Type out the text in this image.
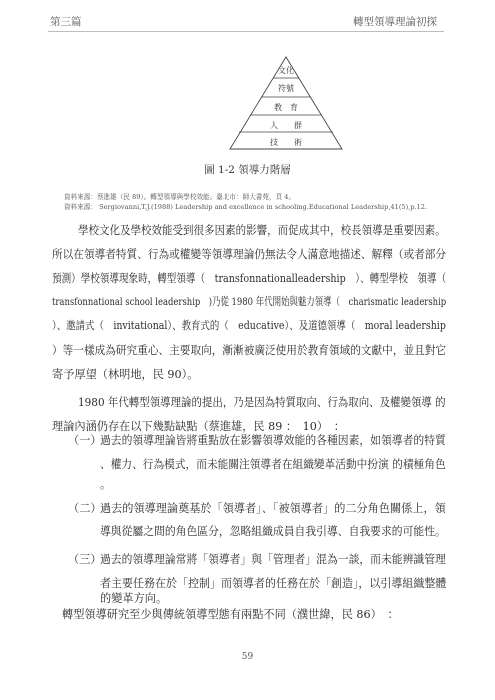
第三篇	轉型領導理論初探
文化
符號
教　育
人　　群
技　　術
圖 1-2 領導力階層
資料來源：蔡進雄（民 89）。轉型領導與學校效能。臺北市：師大書苑，頁 4。
資料來源： Sergiovanni,T.J.(1988) Leadership and excellence in schooling.Educational Leadership,41(5),p.12.
學校文化及學校效能受到很多因素的影響，而促成其中，校長領導是重要因素。
所以在領導者特質、行為或權變等領導理論仍無法令人滿意地描述、解釋（或者部分
預測）學校領導現象時，轉型領導（　transfonnationalleadership　）、轉型學校　領導（
transfonnational school leadership　)乃從 1980 年代開始與魅力領導（　charismatic leadership
）、邀請式（　invitational）、教育式的（　educative）、及道德領導（　moral leadership
）等一樣成為研究重心、主要取向，漸漸被廣泛使用於教育領域的文獻中，並且對它
寄予厚望（林明地，民 90）。
1980 年代轉型領導理論的提出，乃是因為特質取向、行為取向、及權變領導 的
理論內涵仍存在以下幾點缺點（蔡進雄，民 89 ：　10）　：
（一）
過去的領導理論皆將重點放在影響領導效能的各種因素，如領導者的特質
、權力、行為模式，而未能關注領導者在組織變革活動中扮演 的積極角色
。
（二）
過去的領導理論奠基於「領導者」、「被領導者」的二分角色關係上，領
導與從屬之間的角色區分，忽略組織成員自我引導、自我要求的可能性。
（三）
過去的領導理論常將「領導者」與「管理者」混為一談，而未能辨識管理
者主要任務在於「控制」而領導者的任務在於「創造」，以引導組織整體
的變革方向。
轉型領導研究至少與傳統領導型態有兩點不同（濮世緯，民 86）　：
59
